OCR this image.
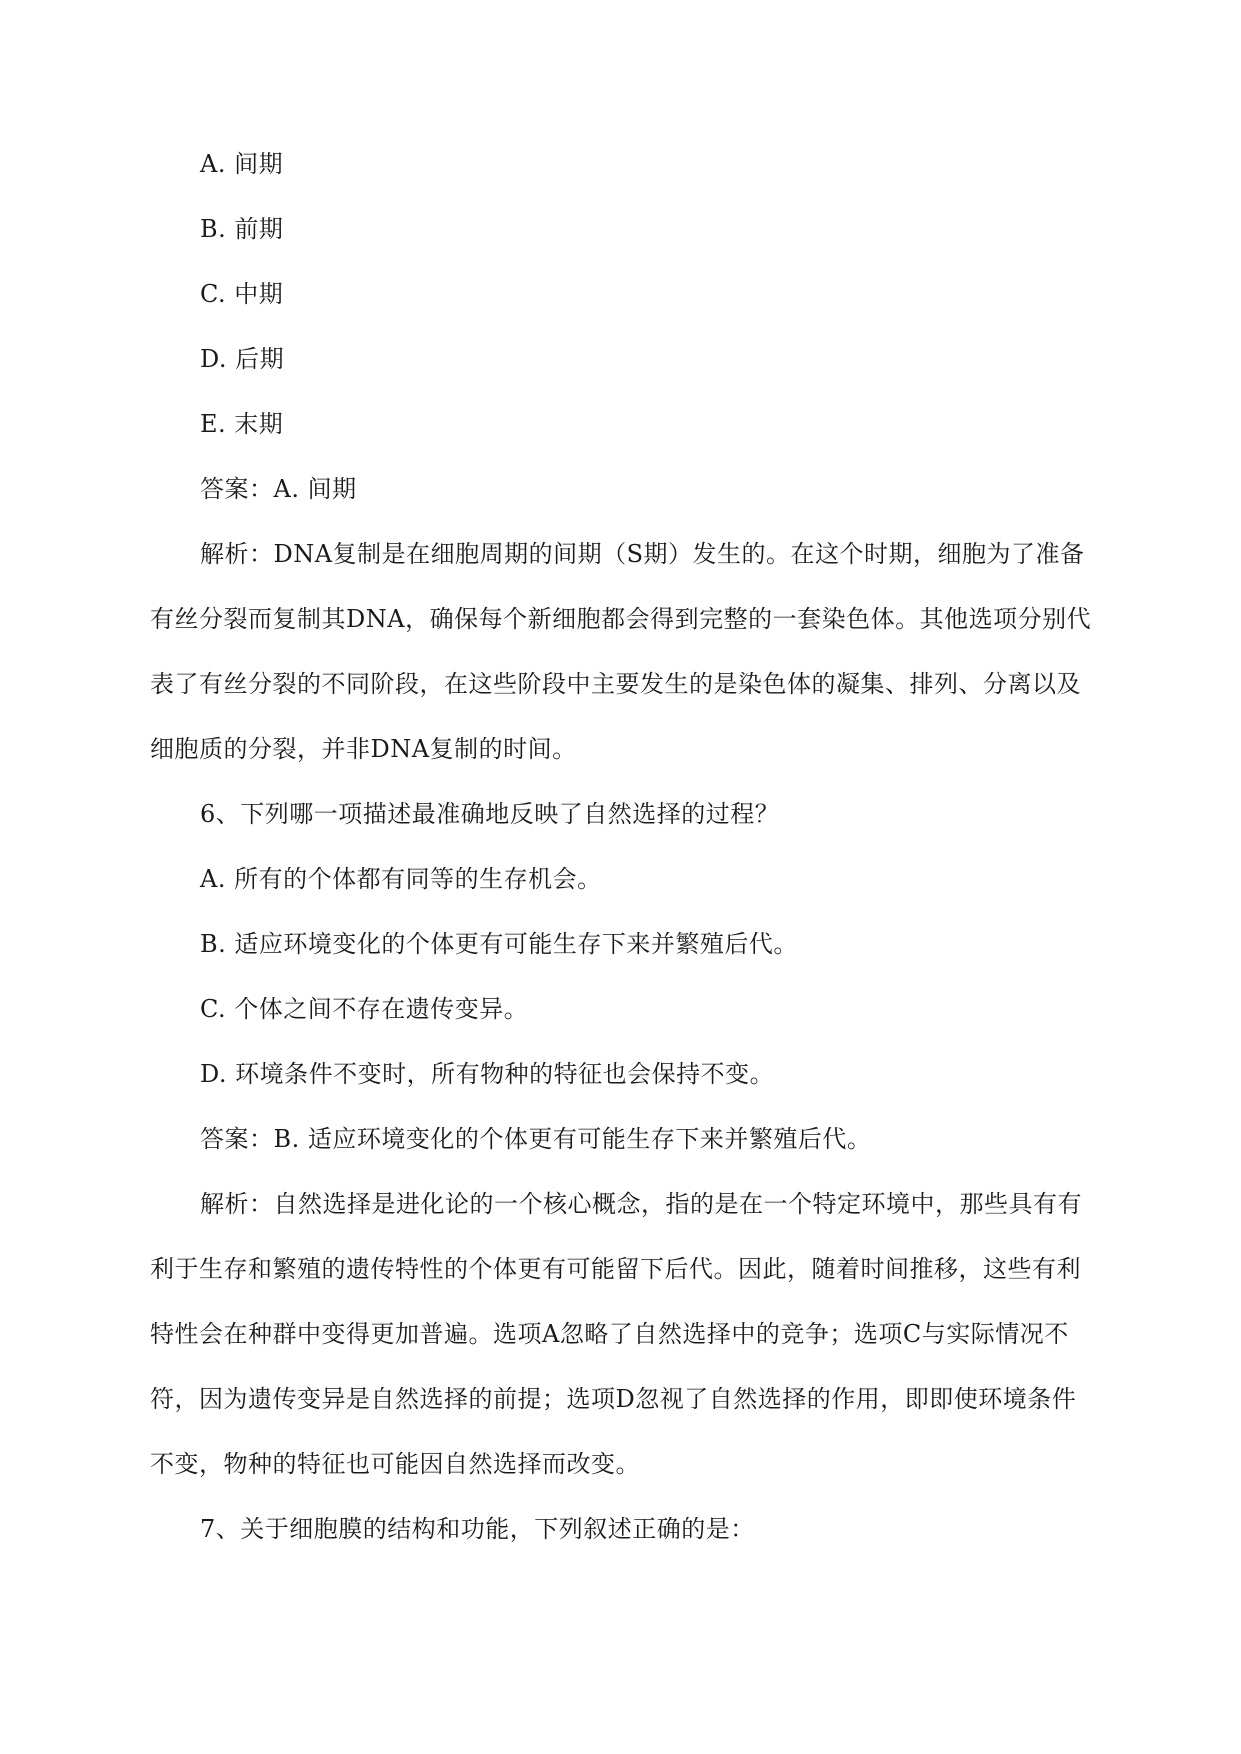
A. 间期

B. 前期

C. 中期

D. 后期

E. 末期

答案：A. 间期

解析：DNA复制是在细胞周期的间期（S期）发生的。在这个时期，细胞为了准备

有丝分裂而复制其DNA，确保每个新细胞都会得到完整的一套染色体。其他选项分别代

表了有丝分裂的不同阶段，在这些阶段中主要发生的是染色体的凝集、排列、分离以及

细胞质的分裂，并非DNA复制的时间。

6、下列哪一项描述最准确地反映了自然选择的过程？

A. 所有的个体都有同等的生存机会。

B. 适应环境变化的个体更有可能生存下来并繁殖后代。

C. 个体之间不存在遗传变异。

D. 环境条件不变时，所有物种的特征也会保持不变。

答案：B. 适应环境变化的个体更有可能生存下来并繁殖后代。

解析：自然选择是进化论的一个核心概念，指的是在一个特定环境中，那些具有有

利于生存和繁殖的遗传特性的个体更有可能留下后代。因此，随着时间推移，这些有利

特性会在种群中变得更加普遍。选项A忽略了自然选择中的竞争；选项C与实际情况不

符，因为遗传变异是自然选择的前提；选项D忽视了自然选择的作用，即即使环境条件

不变，物种的特征也可能因自然选择而改变。

7、关于细胞膜的结构和功能，下列叙述正确的是：
